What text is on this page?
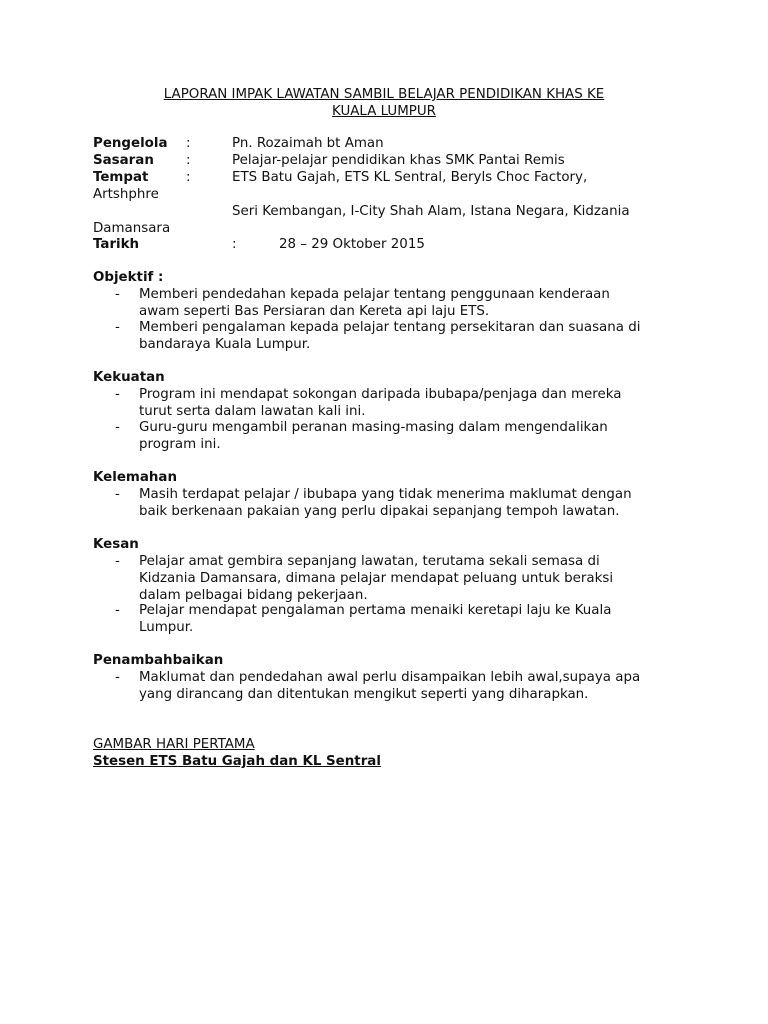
LAPORAN IMPAK LAWATAN SAMBIL BELAJAR PENDIDIKAN KHAS KE
KUALA LUMPUR
Pengelola :	Pn. Rozaimah bt Aman
Sasaran :	Pelajar-pelajar pendidikan khas SMK Pantai Remis
Tempat	:	ETS Batu Gajah, ETS KL Sentral, Beryls Choc Factory,
Artshphre
Seri Kembangan, I-City Shah Alam, Istana Negara, Kidzania
Damansara
Tarikh	:	28 – 29 Oktober 2015
Objektif :
- Memberi pendedahan kepada pelajar tentang penggunaan kenderaan
awam seperti Bas Persiaran dan Kereta api laju ETS.
- Memberi pengalaman kepada pelajar tentang persekitaran dan suasana di
bandaraya Kuala Lumpur.
Kekuatan
- Program ini mendapat sokongan daripada ibubapa/penjaga dan mereka
turut serta dalam lawatan kali ini.
- Guru-guru mengambil peranan masing-masing dalam mengendalikan
program ini.
Kelemahan
- Masih terdapat pelajar / ibubapa yang tidak menerima maklumat dengan
baik berkenaan pakaian yang perlu dipakai sepanjang tempoh lawatan.
Kesan
- Pelajar amat gembira sepanjang lawatan, terutama sekali semasa di
Kidzania Damansara, dimana pelajar mendapat peluang untuk beraksi
dalam pelbagai bidang pekerjaan.
- Pelajar mendapat pengalaman pertama menaiki keretapi laju ke Kuala
Lumpur.
Penambahbaikan
- Maklumat dan pendedahan awal perlu disampaikan lebih awal,supaya apa
yang dirancang dan ditentukan mengikut seperti yang diharapkan.
GAMBAR HARI PERTAMA
Stesen ETS Batu Gajah dan KL Sentral
